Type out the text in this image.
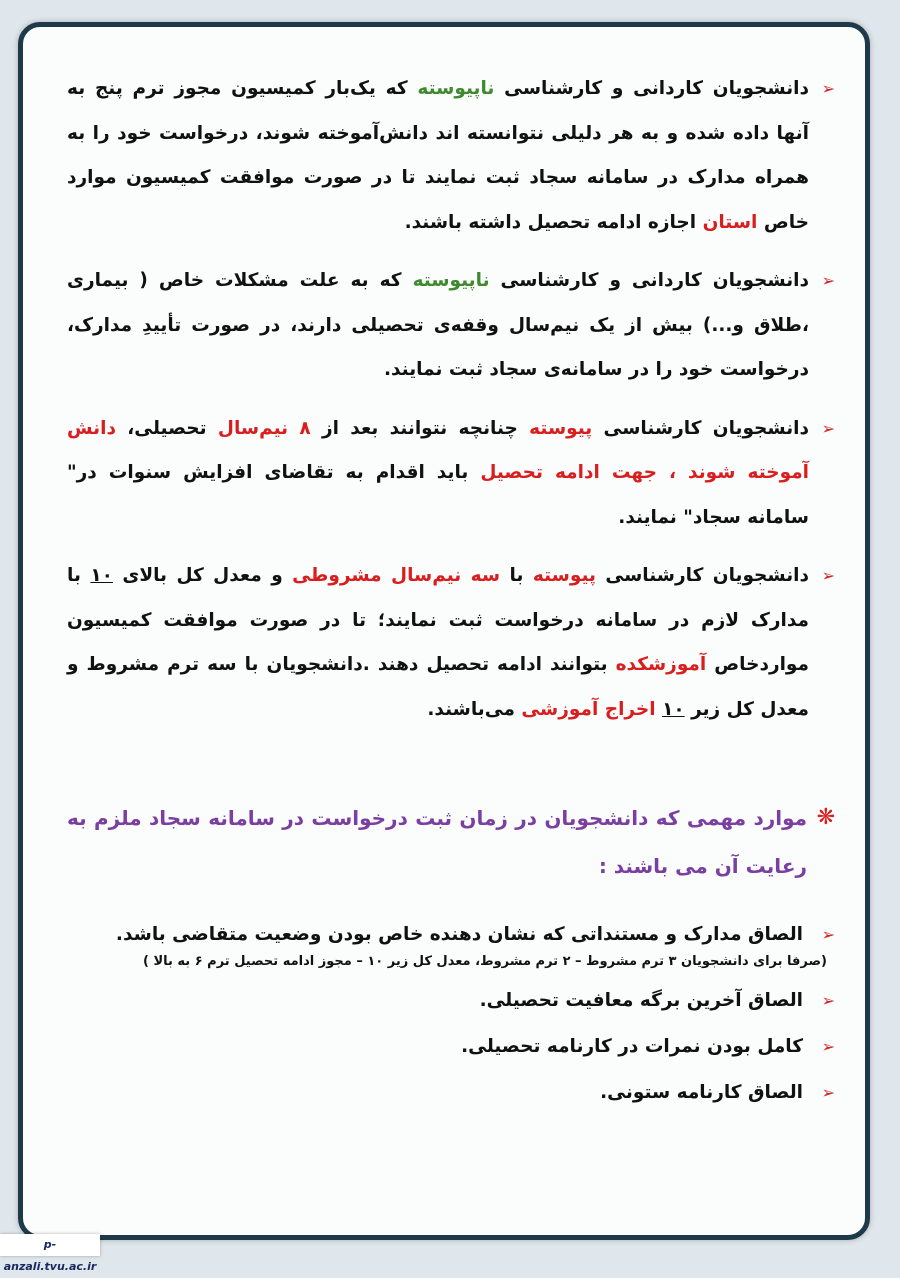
➢
دانشجویان کاردانی و کارشناسی ناپیوسته که یک‌بار کمیسیون مجوز ترم پنج به آنها داده شده و به هر دلیلی نتوانسته اند دانش‌آموخته شوند، درخواست خود را به همراه مدارک در سامانه سجاد ثبت نمایند تا در صورت موافقت کمیسیون موارد خاص استان اجازه ادامه تحصیل داشته باشند.
➢
دانشجویان کاردانی و کارشناسی ناپیوسته که به علت مشکلات خاص ( بیماری ،طلاق و...) بیش از یک نیم‌سال وقفه‌ی تحصیلی دارند، در صورت تأییدِ مدارک، درخواست خود را در سامانه‌ی سجاد ثبت نمایند.
➢
دانشجویان کارشناسی پیوسته چنانچه نتوانند بعد از ۸ نیم‌سال تحصیلی، دانش آموخته شوند ، جهت ادامه تحصیل باید اقدام به تقاضای افزایش سنوات در" سامانه سجاد" نمایند.
➢
دانشجویان کارشناسی پیوسته با سه نیم‌سال مشروطی و معدل کل بالای ۱۰ با مدارک لازم در سامانه درخواست ثبت نمایند؛ تا در صورت موافقت کمیسیون مواردخاص آموزشکده بتوانند ادامه تحصیل دهند .دانشجویان با سه ترم مشروط و معدل کل زیر ۱۰ اخراج آموزشی می‌باشند.
❋
موارد مهمی که دانشجویان در زمان ثبت درخواست در سامانه سجاد ملزم به رعایت آن می باشند :
➢
الصاق مدارک و مستنداتی که نشان دهنده خاص بودن وضعیت متقاضی باشد.
(صرفا برای دانشجویان ۳ ترم مشروط – ۲ ترم مشروط، معدل کل زیر ۱۰ – مجوز ادامه تحصیل ترم ۶ به بالا )
➢
الصاق آخرین برگه معافیت تحصیلی.
➢
کامل بودن نمرات در کارنامه تحصیلی.
➢
الصاق کارنامه ستونی.
p-anzali.tvu.ac.ir
